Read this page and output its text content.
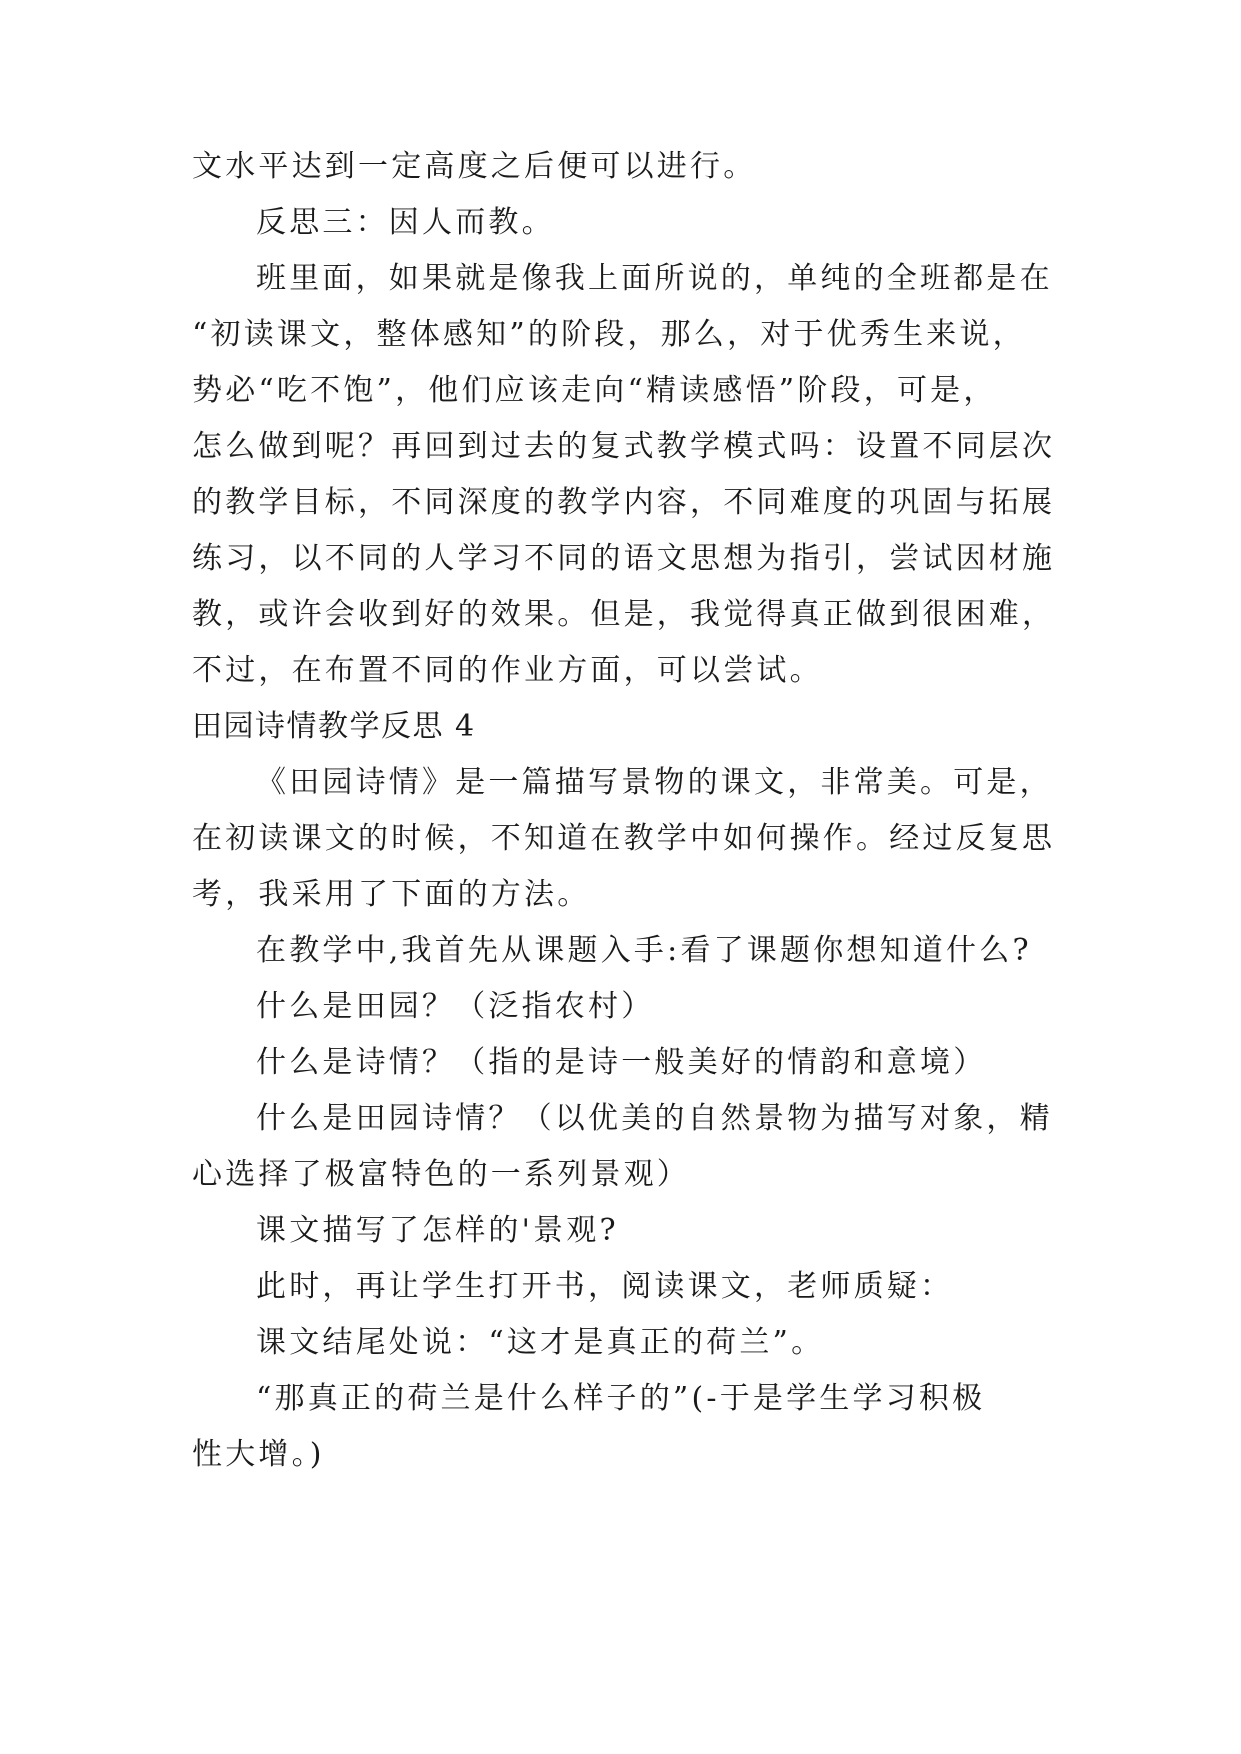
文水平达到一定高度之后便可以进行。
反思三：因人而教。
班里面，如果就是像我上面所说的，单纯的全班都是在
“初读课文，整体感知”的阶段，那么，对于优秀生来说，
势必“吃不饱”，他们应该走向“精读感悟”阶段，可是，
怎么做到呢？再回到过去的复式教学模式吗：设置不同层次
的教学目标，不同深度的教学内容，不同难度的巩固与拓展
练习，以不同的人学习不同的语文思想为指引，尝试因材施
教，或许会收到好的效果。但是，我觉得真正做到很困难，
不过，在布置不同的作业方面，可以尝试。
田园诗情教学反思 4
《田园诗情》是一篇描写景物的课文，非常美。可是，
在初读课文的时候，不知道在教学中如何操作。经过反复思
考，我采用了下面的方法。
在教学中,我首先从课题入手:看了课题你想知道什么?
什么是田园？（泛指农村）
什么是诗情？（指的是诗一般美好的情韵和意境）
什么是田园诗情？（以优美的自然景物为描写对象，精
心选择了极富特色的一系列景观）
课文描写了怎样的'景观?
此时，再让学生打开书，阅读课文，老师质疑：
课文结尾处说：“这才是真正的荷兰”。
“那真正的荷兰是什么样子的”(-于是学生学习积极
性大增。)
